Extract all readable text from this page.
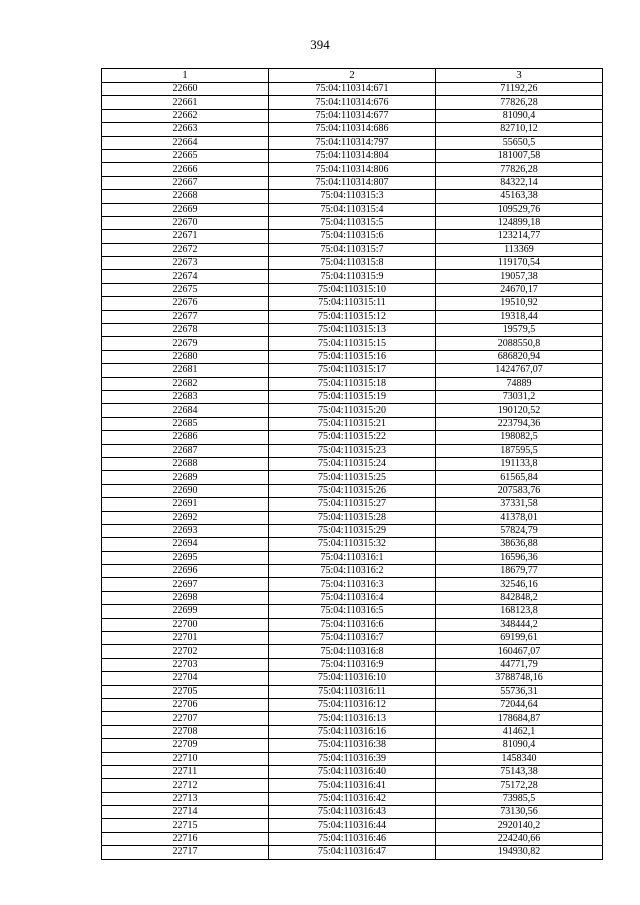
394
1	2	3
22660	75:04:110314:671	71192,26
22661	75:04:110314:676	77826,28
22662	75:04:110314:677	81090,4
22663	75:04:110314:686	82710,12
22664	75:04:110314:797	55650,5
22665	75:04:110314:804	181007,58
22666	75:04:110314:806	77826,28
22667	75:04:110314:807	84322,14
22668	75:04:110315:3	45163,38
22669	75:04:110315:4	109529,76
22670	75:04:110315:5	124899,18
22671	75:04:110315:6	123214,77
22672	75:04:110315:7	113369
22673	75:04:110315:8	119170,54
22674	75:04:110315:9	19057,38
22675	75:04:110315:10	24670,17
22676	75:04:110315:11	19510,92
22677	75:04:110315:12	19318,44
22678	75:04:110315:13	19579,5
22679	75:04:110315:15	2088550,8
22680	75:04:110315:16	686820,94
22681	75:04:110315:17	1424767,07
22682	75:04:110315:18	74889
22683	75:04:110315:19	73031,2
22684	75:04:110315:20	190120,52
22685	75:04:110315:21	223794,36
22686	75:04:110315:22	198082,5
22687	75:04:110315:23	187595,5
22688	75:04:110315:24	191133,8
22689	75:04:110315:25	61565,84
22690	75:04:110315:26	207583,76
22691	75:04:110315:27	37331,58
22692	75:04:110315:28	41378,01
22693	75:04:110315:29	57824,79
22694	75:04:110315:32	38636,88
22695	75:04:110316:1	16596,36
22696	75:04:110316:2	18679,77
22697	75:04:110316:3	32546,16
22698	75:04:110316:4	842848,2
22699	75:04:110316:5	168123,8
22700	75:04:110316:6	348444,2
22701	75:04:110316:7	69199,61
22702	75:04:110316:8	160467,07
22703	75:04:110316:9	44771,79
22704	75:04:110316:10	3788748,16
22705	75:04:110316:11	55736,31
22706	75:04:110316:12	72044,64
22707	75:04:110316:13	178684,87
22708	75:04:110316:16	41462,1
22709	75:04:110316:38	81090,4
22710	75:04:110316:39	1458340
22711	75:04:110316:40	75143,38
22712	75:04:110316:41	75172,28
22713	75:04:110316:42	73985,5
22714	75:04:110316:43	73130,56
22715	75:04:110316:44	2920140,2
22716	75:04:110316:46	224240,66
22717	75:04:110316:47	194930,82
